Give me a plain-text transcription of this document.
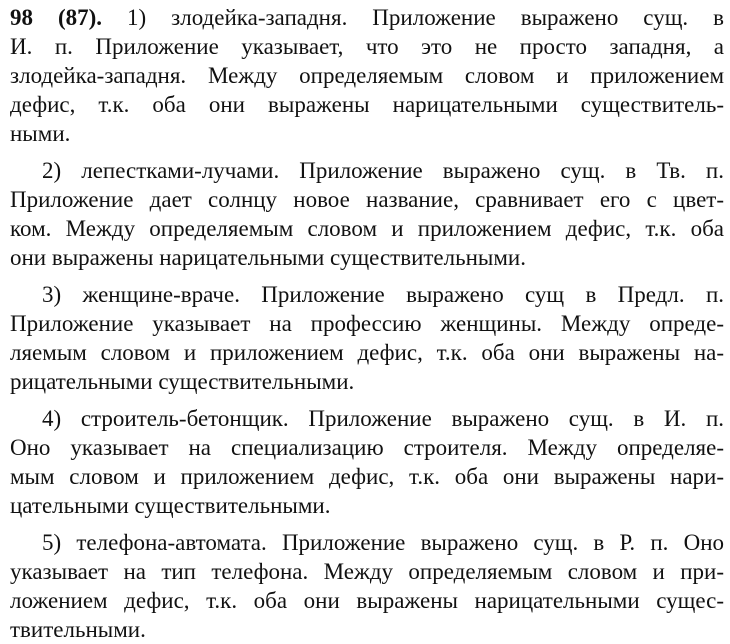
98 (87). 1) злодейка-западня. Приложение выражено сущ. в
И. п. Приложение указывает, что это не просто западня, а
злодейка-западня. Между определяемым словом и приложением
дефис, т.к. оба они выражены нарицательными существитель-
ными.
2) лепестками-лучами. Приложение выражено сущ. в Тв. п.
Приложение дает солнцу новое название, сравнивает его с цвет-
ком. Между определяемым словом и приложением дефис, т.к. оба
они выражены нарицательными существительными.
3) женщине-враче. Приложение выражено сущ в Предл. п.
Приложение указывает на профессию женщины. Между опреде-
ляемым словом и приложением дефис, т.к. оба они выражены на-
рицательными существительными.
4) строитель-бетонщик. Приложение выражено сущ. в И. п.
Оно указывает на специализацию строителя. Между определяе-
мым словом и приложением дефис, т.к. оба они выражены нари-
цательными существительными.
5) телефона-автомата. Приложение выражено сущ. в Р. п. Оно
указывает на тип телефона. Между определяемым словом и при-
ложением дефис, т.к. оба они выражены нарицательными сущес-
твительными.
